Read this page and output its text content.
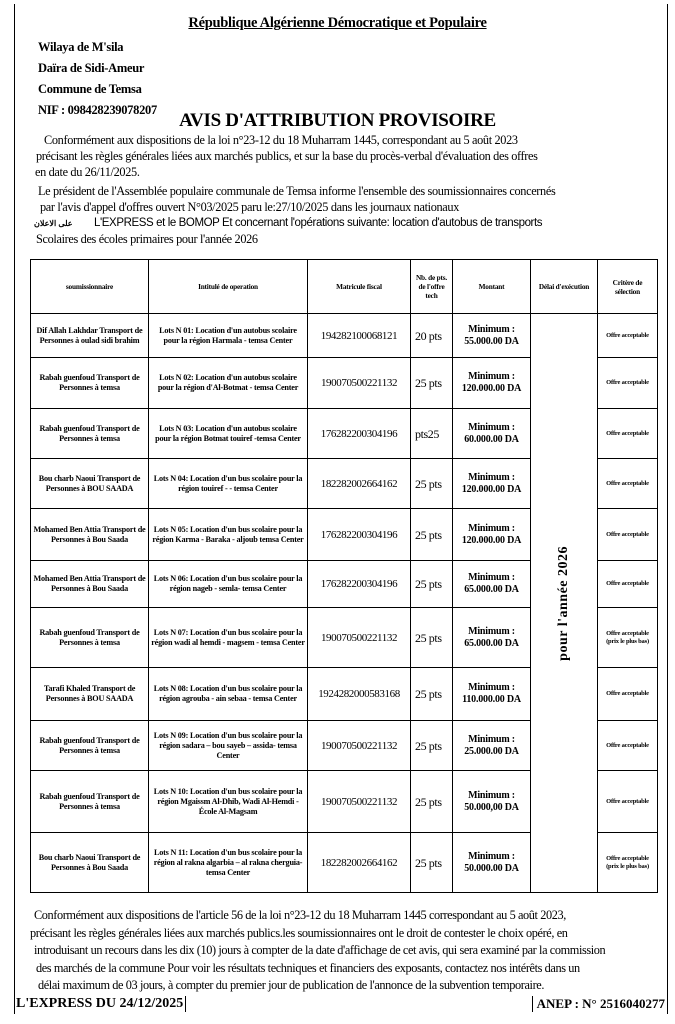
République Algérienne Démocratique et Populaire
Wilaya de M'sila
Daïra de Sidi-Ameur
Commune de Temsa
NIF : 098428239078207	AVIS D'ATTRIBUTION PROVISOIRE
Conformément aux dispositions de la loi n°23-12 du 18 Muharram 1445, correspondant au 5 août 2023
précisant les règles générales liées aux marchés publics, et sur la base du procès-verbal d'évaluation des offres
en date du 26/11/2025.
Le président de l'Assemblée populaire communale de Temsa informe l'ensemble des soumissionnaires concernés
par l'avis d'appel d'offres ouvert N°03/2025 paru le:27/10/2025 dans les journaux nationaux
على الاعلان L'EXPRESS et le BOMOP Et concernant l'opérations suivante: location d'autobus de transports
Scolaires des écoles primaires pour l'année 2026
soumissionnaire	Intitulé de operation	Matricule fiscal	Nb. de pts. de l'offre tech	Montant	Délai d'exécution	Critère de sélection
Dif Allah Lakhdar Transport de Personnes à oulad sidi brahim	Lots N 01: Location d'un autobus scolaire pour la région Harmala - temsa Center	194282100068121	20 pts	Minimum : 55.000.00 DA	pour l'année 2026	Offre acceptable
Rabah guenfoud Transport de Personnes à temsa	Lots N 02: Location d'un autobus scolaire pour la région d'Al-Botmat - temsa Center	190070500221132	25 pts	Minimum : 120.000.00 DA		Offre acceptable
Rabah guenfoud Transport de Personnes à temsa	Lots N 03: Location d'un autobus scolaire pour la région Botmat touiref -temsa Center	176282200304196	pts25	Minimum : 60.000.00 DA		Offre acceptable
Bou charb Naoui Transport de Personnes à BOU SAADA	Lots N 04: Location d'un bus scolaire pour la région touiref - - temsa Center	182282002664162	25 pts	Minimum : 120.000.00 DA		Offre acceptable
Mohamed Ben Attia Transport de Personnes à Bou Saada	Lots N 05: Location d'un bus scolaire pour la région Karma - Baraka - aljoub temsa Center	176282200304196	25 pts	Minimum : 120.000.00 DA		Offre acceptable
Mohamed Ben Attia Transport de Personnes à Bou Saada	Lots N 06: Location d'un bus scolaire pour la région nageb - semla- temsa Center	176282200304196	25 pts	Minimum : 65.000.00 DA		Offre acceptable
Rabah guenfoud Transport de Personnes à temsa	Lots N 07: Location d'un bus scolaire pour la région wadi al hemdi - magsem - temsa Center	190070500221132	25 pts	Minimum : 65.000.00 DA		Offre acceptable (prix le plus bas)
Tarafi Khaled Transport de Personnes à BOU SAADA	Lots N 08: Location d'un bus scolaire pour la région agrouba - ain sebaa - temsa Center	1924282000583168	25 pts	Minimum : 110.000.00 DA		Offre acceptable
Rabah guenfoud Transport de Personnes à temsa	Lots N 09: Location d'un bus scolaire pour la région sadara – bou sayeb – assida- temsa Center	190070500221132	25 pts	Minimum : 25.000.00 DA		Offre acceptable
Rabah guenfoud Transport de Personnes à temsa	Lots N 10: Location d'un bus scolaire pour la région Mgaissm Al-Dhib, Wadi Al-Hemdi - École Al-Magsam	190070500221132	25 pts	Minimum : 50.000,00 DA		Offre acceptable
Bou charb Naoui Transport de Personnes à Bou Saada	Lots N 11: Location d'un bus scolaire pour la région al rakna algarbia – al rakna cherguia- temsa Center	182282002664162	25 pts	Minimum : 50.000.00 DA		Offre acceptable (prix le plus bas)
Conformément aux dispositions de l'article 56 de la loi n°23-12 du 18 Muharram 1445 correspondant au 5 août 2023,
précisant les règles générales liées aux marchés publics.les soumissionnaires ont le droit de contester le choix opéré, en
introduisant un recours dans les dix (10) jours à compter de la date d'affichage de cet avis, qui sera examiné par la commission
des marchés de la commune Pour voir les résultats techniques et financiers des exposants, contactez nos intérêts dans un
délai maximum de 03 jours, à compter du premier jour de publication de l'annonce de la subvention temporaire.
L'EXPRESS DU 24/12/2025	ANEP : N° 2516040277
